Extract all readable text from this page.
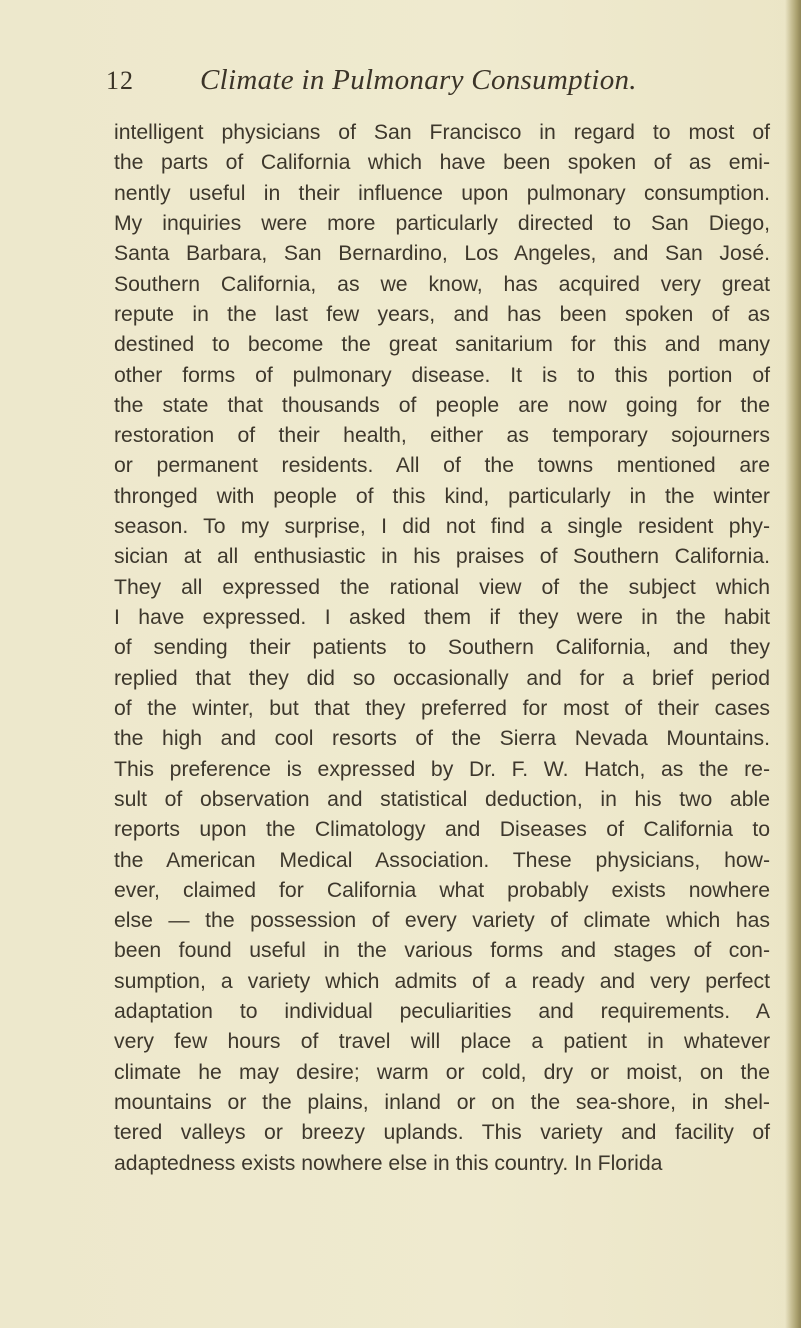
12 Climate in Pulmonary Consumption.
intelligent physicians of San Francisco in regard to most of
the parts of California which have been spoken of as emi-
nently useful in their influence upon pulmonary consumption.
My inquiries were more particularly directed to San Diego,
Santa Barbara, San Bernardino, Los Angeles, and San José.
Southern California, as we know, has acquired very great
repute in the last few years, and has been spoken of as
destined to become the great sanitarium for this and many
other forms of pulmonary disease. It is to this portion of
the state that thousands of people are now going for the
restoration of their health, either as temporary sojourners
or permanent residents. All of the towns mentioned are
thronged with people of this kind, particularly in the winter
season. To my surprise, I did not find a single resident phy-
sician at all enthusiastic in his praises of Southern California.
They all expressed the rational view of the subject which
I have expressed. I asked them if they were in the habit
of sending their patients to Southern California, and they
replied that they did so occasionally and for a brief period
of the winter, but that they preferred for most of their cases
the high and cool resorts of the Sierra Nevada Mountains.
This preference is expressed by Dr. F. W. Hatch, as the re-
sult of observation and statistical deduction, in his two able
reports upon the Climatology and Diseases of California to
the American Medical Association. These physicians, how-
ever, claimed for California what probably exists nowhere
else — the possession of every variety of climate which has
been found useful in the various forms and stages of con-
sumption, a variety which admits of a ready and very perfect
adaptation to individual peculiarities and requirements. A
very few hours of travel will place a patient in whatever
climate he may desire; warm or cold, dry or moist, on the
mountains or the plains, inland or on the sea-shore, in shel-
tered valleys or breezy uplands. This variety and facility of
adaptedness exists nowhere else in this country. In Florida
